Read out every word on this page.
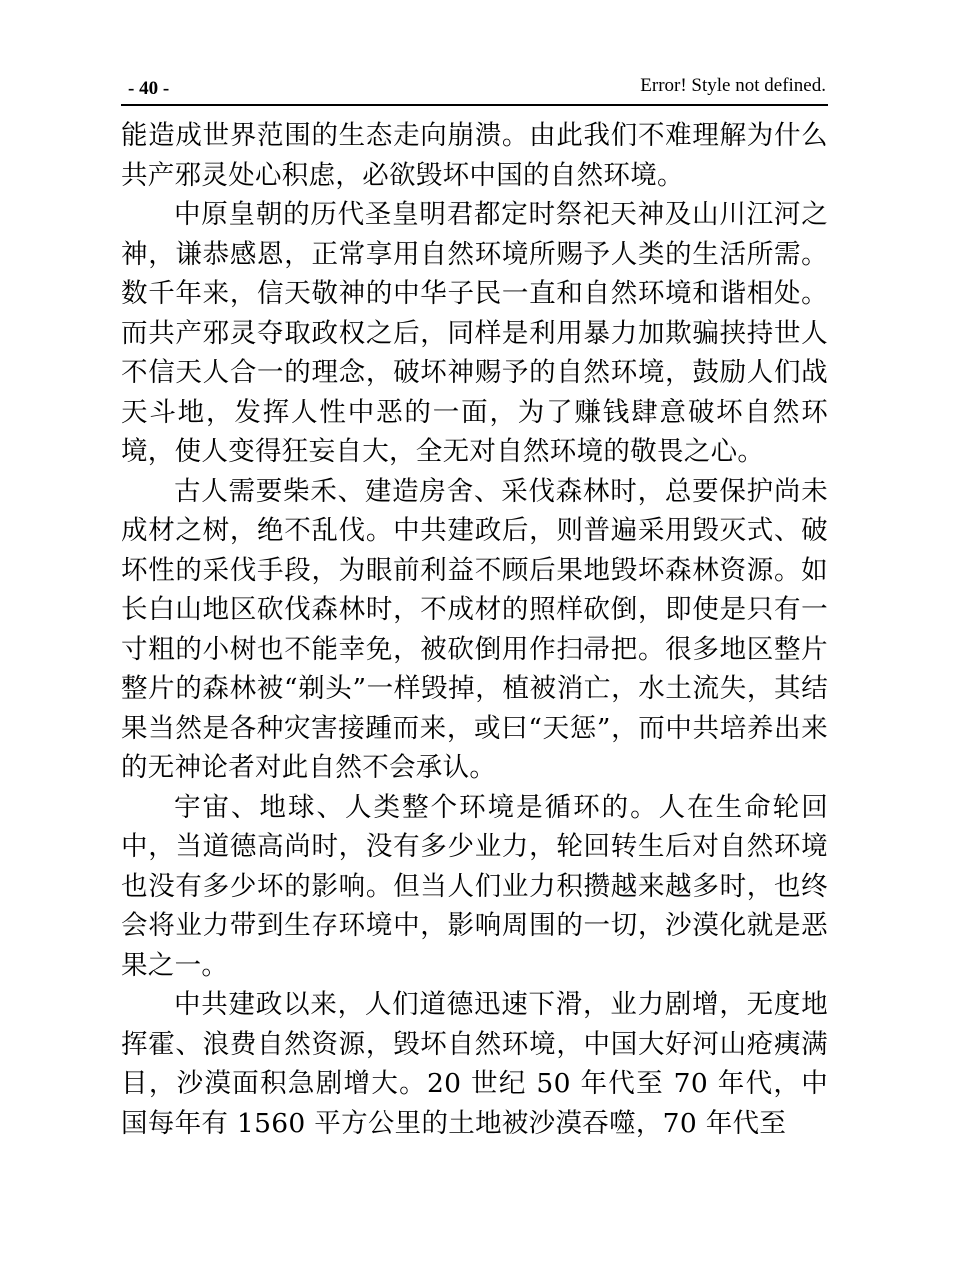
- 40 -	Error! Style not defined.

能造成世界范围的生态走向崩溃。由此我们不难理解为什么共产邪灵处心积虑，必欲毁坏中国的自然环境。

中原皇朝的历代圣皇明君都定时祭祀天神及山川江河之神，谦恭感恩，正常享用自然环境所赐予人类的生活所需。数千年来，信天敬神的中华子民一直和自然环境和谐相处。而共产邪灵夺取政权之后，同样是利用暴力加欺骗挟持世人不信天人合一的理念，破坏神赐予的自然环境，鼓励人们战天斗地，发挥人性中恶的一面，为了赚钱肆意破坏自然环境，使人变得狂妄自大，全无对自然环境的敬畏之心。

古人需要柴禾、建造房舍、采伐森林时，总要保护尚未成材之树，绝不乱伐。中共建政后，则普遍采用毁灭式、破坏性的采伐手段，为眼前利益不顾后果地毁坏森林资源。如长白山地区砍伐森林时，不成材的照样砍倒，即使是只有一寸粗的小树也不能幸免，被砍倒用作扫帚把。很多地区整片整片的森林被“剃头”一样毁掉，植被消亡，水土流失，其结果当然是各种灾害接踵而来，或曰“天惩”，而中共培养出来的无神论者对此自然不会承认。

宇宙、地球、人类整个环境是循环的。人在生命轮回中，当道德高尚时，没有多少业力，轮回转生后对自然环境也没有多少坏的影响。但当人们业力积攒越来越多时，也终会将业力带到生存环境中，影响周围的一切，沙漠化就是恶果之一。

中共建政以来，人们道德迅速下滑，业力剧增，无度地挥霍、浪费自然资源，毁坏自然环境，中国大好河山疮痍满目，沙漠面积急剧增大。20 世纪 50 年代至 70 年代，中国每年有 1560 平方公里的土地被沙漠吞噬，70 年代至
